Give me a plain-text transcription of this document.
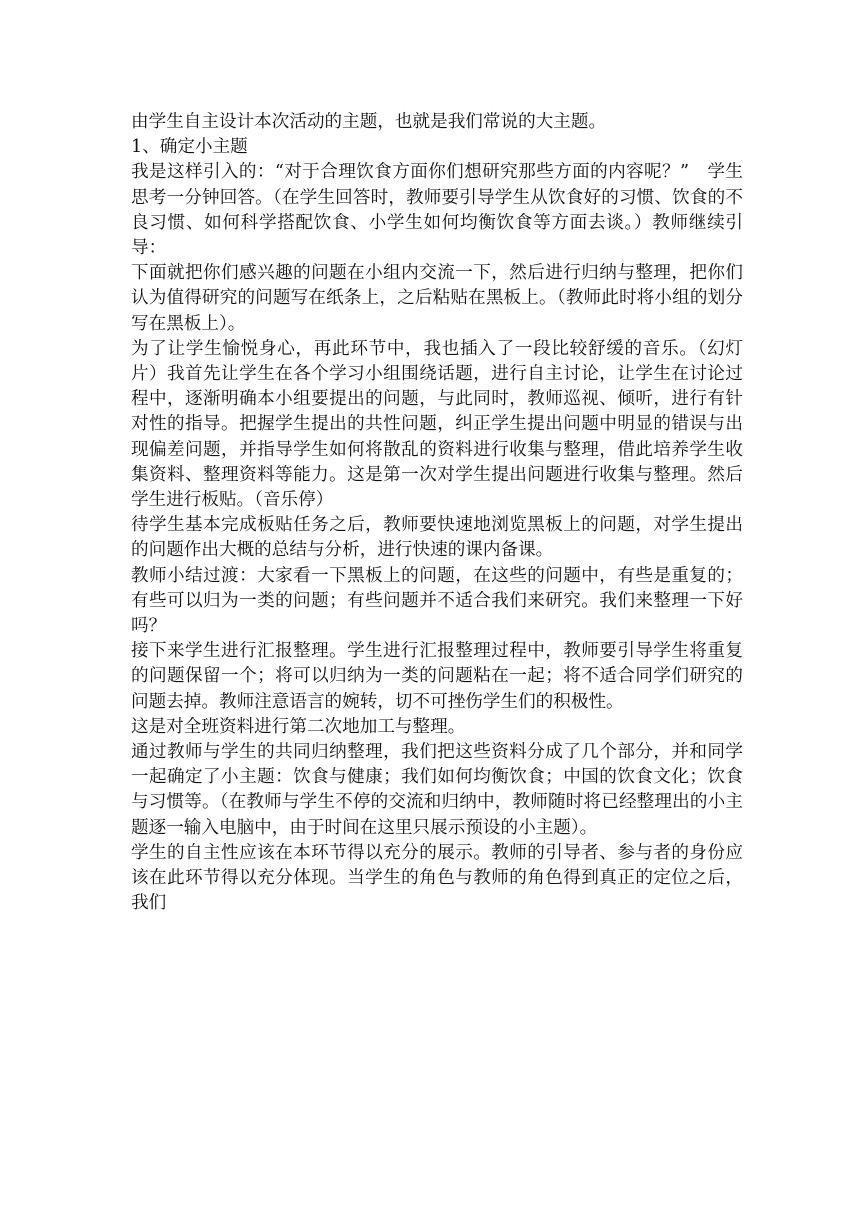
由学生自主设计本次活动的主题，也就是我们常说的大主题。

1、确定小主题

我是这样引入的：“对于合理饮食方面你们想研究那些方面的内容呢？”　学生思考一分钟回答。（在学生回答时，教师要引导学生从饮食好的习惯、饮食的不良习惯、如何科学搭配饮食、小学生如何均衡饮食等方面去谈。）教师继续引导：

下面就把你们感兴趣的问题在小组内交流一下，然后进行归纳与整理，把你们认为值得研究的问题写在纸条上，之后粘贴在黑板上。（教师此时将小组的划分写在黑板上）。

为了让学生愉悦身心，再此环节中，我也插入了一段比较舒缓的音乐。（幻灯片）我首先让学生在各个学习小组围绕话题，进行自主讨论，让学生在讨论过程中，逐渐明确本小组要提出的问题，与此同时，教师巡视、倾听，进行有针对性的指导。把握学生提出的共性问题，纠正学生提出问题中明显的错误与出现偏差问题，并指导学生如何将散乱的资料进行收集与整理，借此培养学生收集资料、整理资料等能力。这是第一次对学生提出问题进行收集与整理。然后学生进行板贴。（音乐停）

待学生基本完成板贴任务之后，教师要快速地浏览黑板上的问题，对学生提出的问题作出大概的总结与分析，进行快速的课内备课。

教师小结过渡：大家看一下黑板上的问题，在这些的问题中，有些是重复的；有些可以归为一类的问题；有些问题并不适合我们来研究。我们来整理一下好吗？

接下来学生进行汇报整理。学生进行汇报整理过程中，教师要引导学生将重复的问题保留一个；将可以归纳为一类的问题粘在一起；将不适合同学们研究的问题去掉。教师注意语言的婉转，切不可挫伤学生们的积极性。

这是对全班资料进行第二次地加工与整理。

通过教师与学生的共同归纳整理，我们把这些资料分成了几个部分，并和同学一起确定了小主题：饮食与健康；我们如何均衡饮食；中国的饮食文化；饮食与习惯等。（在教师与学生不停的交流和归纳中，教师随时将已经整理出的小主题逐一输入电脑中，由于时间在这里只展示预设的小主题）。

学生的自主性应该在本环节得以充分的展示。教师的引导者、参与者的身份应该在此环节得以充分体现。当学生的角色与教师的角色得到真正的定位之后，我们
